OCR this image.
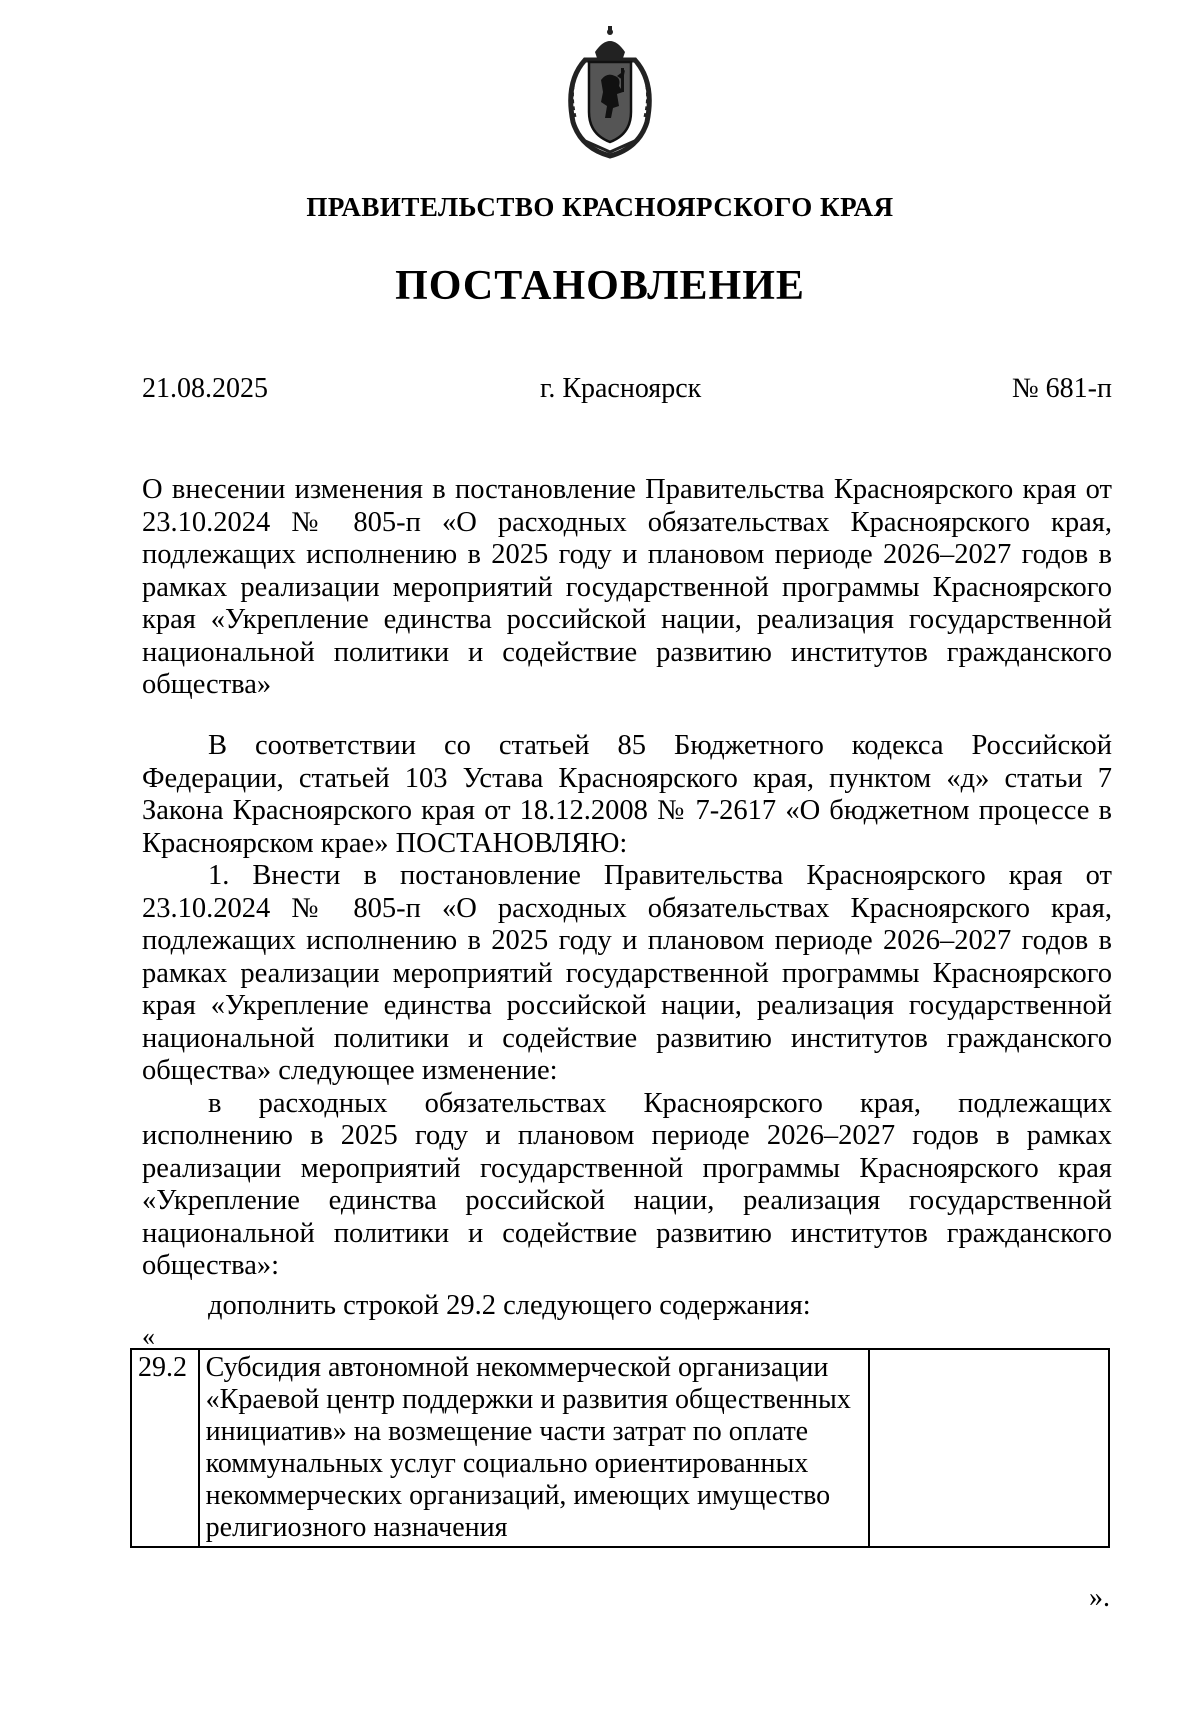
ПРАВИТЕЛЬСТВО КРАСНОЯРСКОГО КРАЯ
ПОСТАНОВЛЕНИЕ
21.08.2025	г. Красноярск	№ 681-п

О внесении изменения в постановление Правительства Красноярского края от 23.10.2024 № 805-п «О расходных обязательствах Красноярского края, подлежащих исполнению в 2025 году и плановом периоде 2026–2027 годов в рамках реализации мероприятий государственной программы Красноярского края «Укрепление единства российской нации, реализация государственной национальной политики и содействие развитию институтов гражданского общества»

В соответствии со статьей 85 Бюджетного кодекса Российской Федерации, статьей 103 Устава Красноярского края, пунктом «д» статьи 7 Закона Красноярского края от 18.12.2008 № 7-2617 «О бюджетном процессе в Красноярском крае» ПОСТАНОВЛЯЮ:

1. Внести в постановление Правительства Красноярского края от 23.10.2024 № 805-п «О расходных обязательствах Красноярского края, подлежащих исполнению в 2025 году и плановом периоде 2026–2027 годов в рамках реализации мероприятий государственной программы Красноярского края «Укрепление единства российской нации, реализация государственной национальной политики и содействие развитию институтов гражданского общества» следующее изменение:

в расходных обязательствах Красноярского края, подлежащих исполнению в 2025 году и плановом периоде 2026–2027 годов в рамках реализации мероприятий государственной программы Красноярского края «Укрепление единства российской нации, реализация государственной национальной политики и содействие развитию институтов гражданского общества»:

дополнить строкой 29.2 следующего содержания:
«
29.2	Субсидия автономной некоммерческой организации «Краевой центр поддержки и развития общественных инициатив» на возмещение части затрат по оплате коммунальных услуг социально ориентированных некоммерческих организаций, имеющих имущество религиозного назначения	
».
